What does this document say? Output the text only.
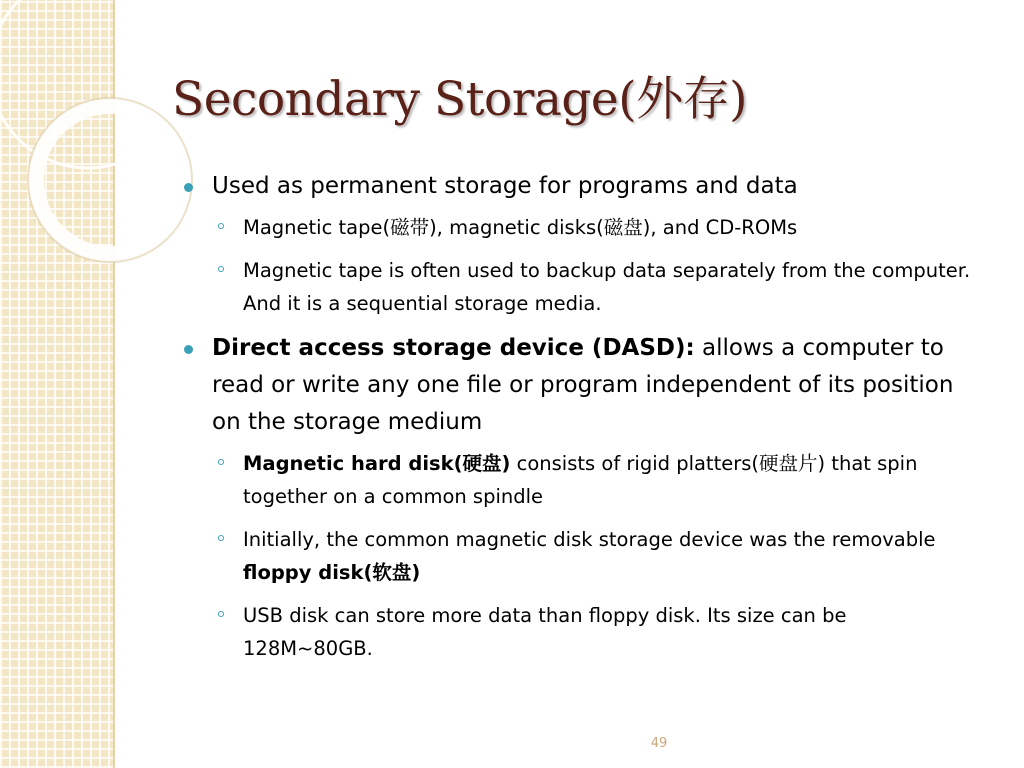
Secondary Storage(外存)
Used as permanent storage for programs and data
Magnetic tape(磁带), magnetic disks(磁盘), and CD-ROMs
Magnetic tape is often used to backup data separately from the computer. And it is a sequential storage media.
Direct access storage device (DASD): allows a computer to read or write any one file or program independent of its position on the storage medium
Magnetic hard disk(硬盘) consists of rigid platters(硬盘片) that spin together on a common spindle
Initially, the common magnetic disk storage device was the removable floppy disk(软盘)
USB disk can store more data than floppy disk. Its size can be 128M~80GB.
49
